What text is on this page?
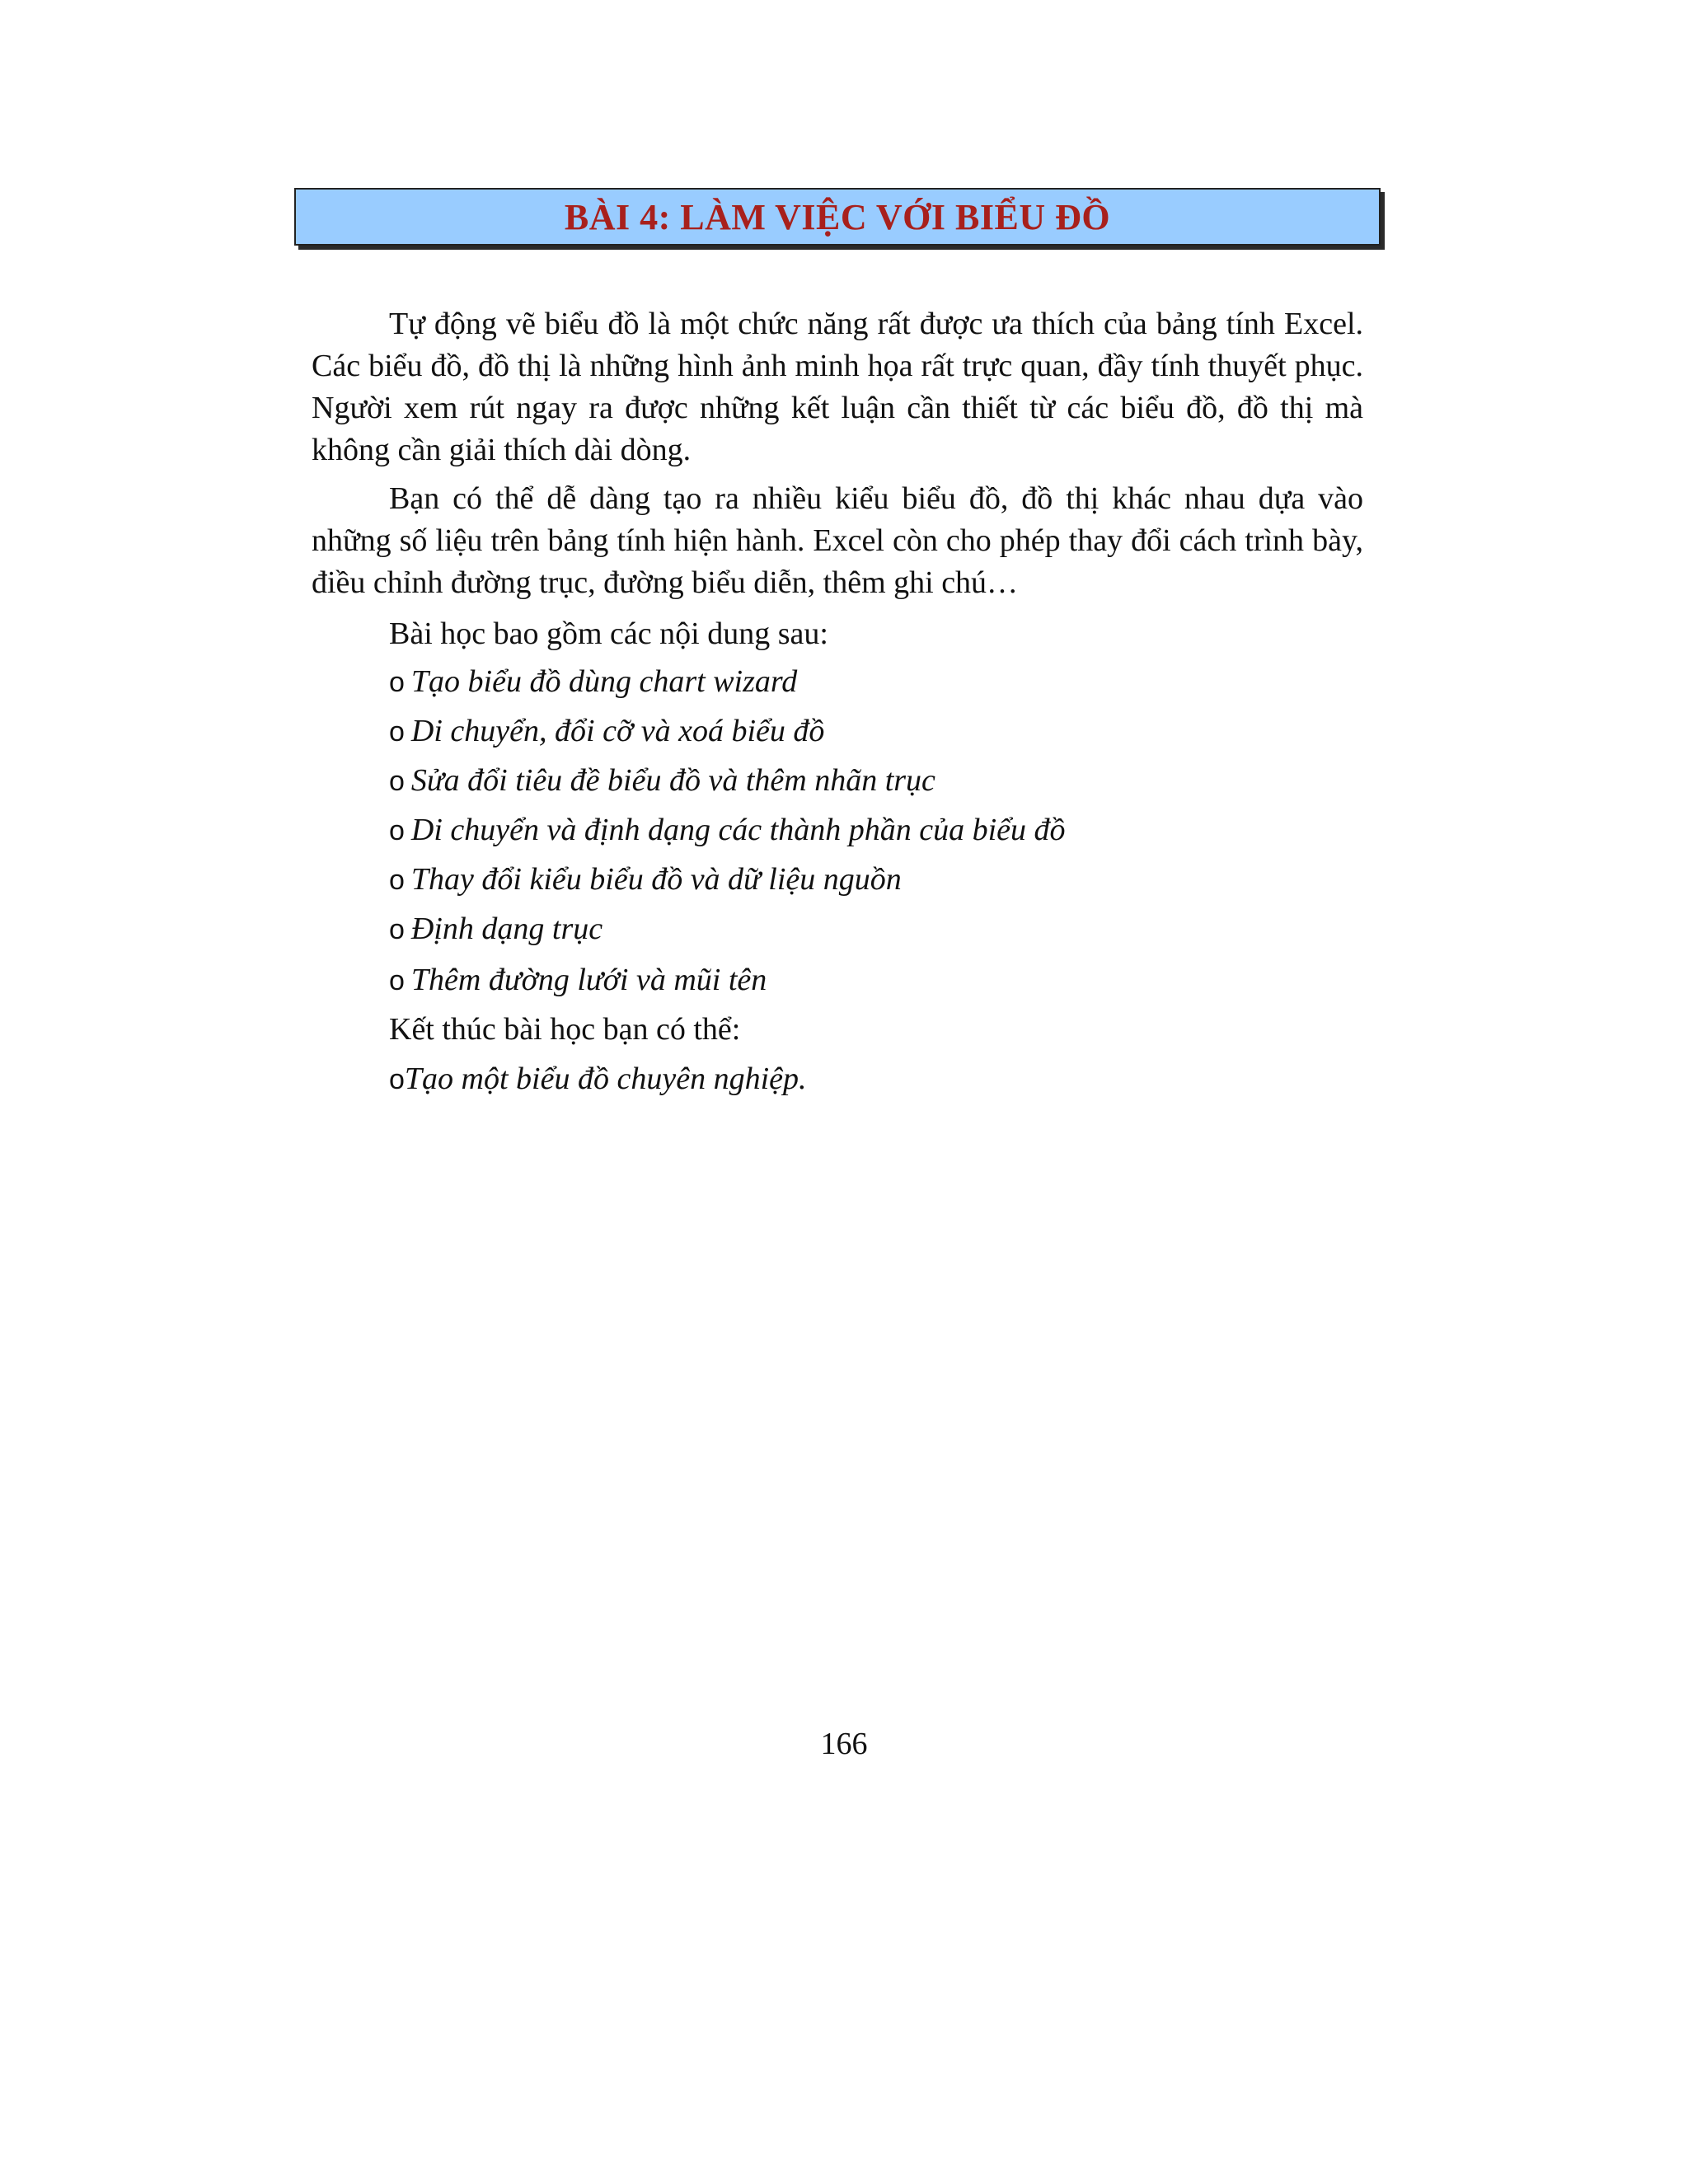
BÀI 4: LÀM VIỆC VỚI BIỂU ĐỒ

Tự động vẽ biểu đồ là một chức năng rất được ưa thích của bảng tính Excel. Các biểu đồ, đồ thị là những hình ảnh minh họa rất trực quan, đầy tính thuyết phục. Người xem rút ngay ra được những kết luận cần thiết từ các biểu đồ, đồ thị mà không cần giải thích dài dòng.

Bạn có thể dễ dàng tạo ra nhiều kiểu biểu đồ, đồ thị khác nhau dựa vào những số liệu trên bảng tính hiện hành. Excel còn cho phép thay đổi cách trình bày, điều chỉnh đường trục, đường biểu diễn, thêm ghi chú…

Bài học bao gồm các nội dung sau:
o Tạo biểu đồ dùng chart wizard
o Di chuyển, đổi cỡ và xoá biểu đồ
o Sửa đổi tiêu đề biểu đồ và thêm nhãn trục
o Di chuyển và định dạng các thành phần của biểu đồ
o Thay đổi kiểu biểu đồ và dữ liệu nguồn
o Định dạng trục
o Thêm đường lưới và mũi tên
Kết thúc bài học bạn có thể:
oTạo một biểu đồ chuyên nghiệp.
166
